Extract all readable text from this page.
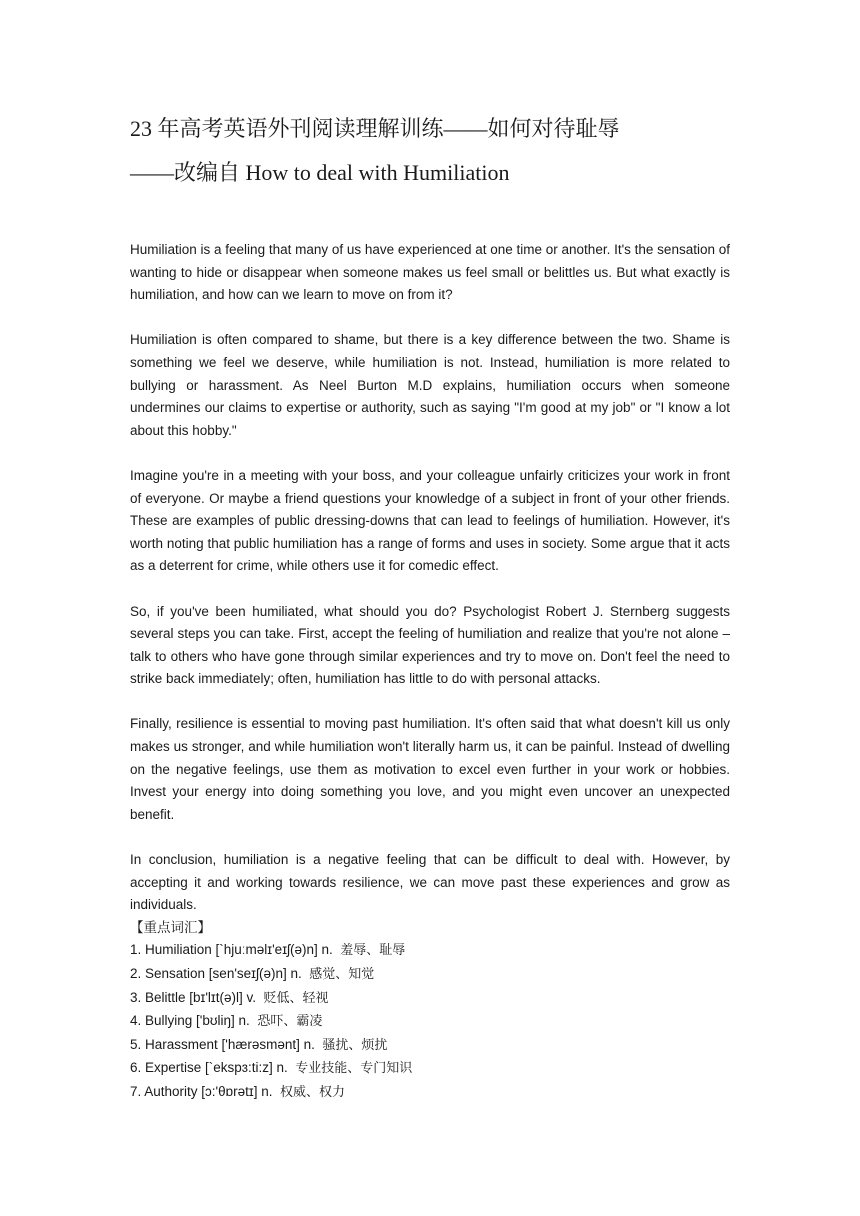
23 年高考英语外刊阅读理解训练——如何对待耻辱
——改编自 How to deal with Humiliation

Humiliation is a feeling that many of us have experienced at one time or another. It's the sensation of wanting to hide or disappear when someone makes us feel small or belittles us. But what exactly is humiliation, and how can we learn to move on from it?

Humiliation is often compared to shame, but there is a key difference between the two. Shame is something we feel we deserve, while humiliation is not. Instead, humiliation is more related to bullying or harassment. As Neel Burton M.D explains, humiliation occurs when someone undermines our claims to expertise or authority, such as saying "I'm good at my job" or "I know a lot about this hobby."

Imagine you're in a meeting with your boss, and your colleague unfairly criticizes your work in front of everyone. Or maybe a friend questions your knowledge of a subject in front of your other friends. These are examples of public dressing-downs that can lead to feelings of humiliation. However, it's worth noting that public humiliation has a range of forms and uses in society. Some argue that it acts as a deterrent for crime, while others use it for comedic effect.

So, if you've been humiliated, what should you do? Psychologist Robert J. Sternberg suggests several steps you can take. First, accept the feeling of humiliation and realize that you're not alone – talk to others who have gone through similar experiences and try to move on. Don't feel the need to strike back immediately; often, humiliation has little to do with personal attacks.

Finally, resilience is essential to moving past humiliation. It's often said that what doesn't kill us only makes us stronger, and while humiliation won't literally harm us, it can be painful. Instead of dwelling on the negative feelings, use them as motivation to excel even further in your work or hobbies. Invest your energy into doing something you love, and you might even uncover an unexpected benefit.

In conclusion, humiliation is a negative feeling that can be difficult to deal with. However, by accepting it and working towards resilience, we can move past these experiences and grow as individuals.

【重点词汇】
1. Humiliation [`hjuːməlɪ'eɪʃ(ə)n] n. 羞辱、耻辱
2. Sensation [sen'seɪʃ(ə)n] n. 感觉、知觉
3. Belittle [bɪ'lɪt(ə)l] v. 贬低、轻视
4. Bullying ['bʊliŋ] n. 恐吓、霸凌
5. Harassment ['hærəsmənt] n. 骚扰、烦扰
6. Expertise [`ekspɜ:ti:z] n. 专业技能、专门知识
7. Authority [ɔ:'θɒrətɪ] n. 权威、权力
